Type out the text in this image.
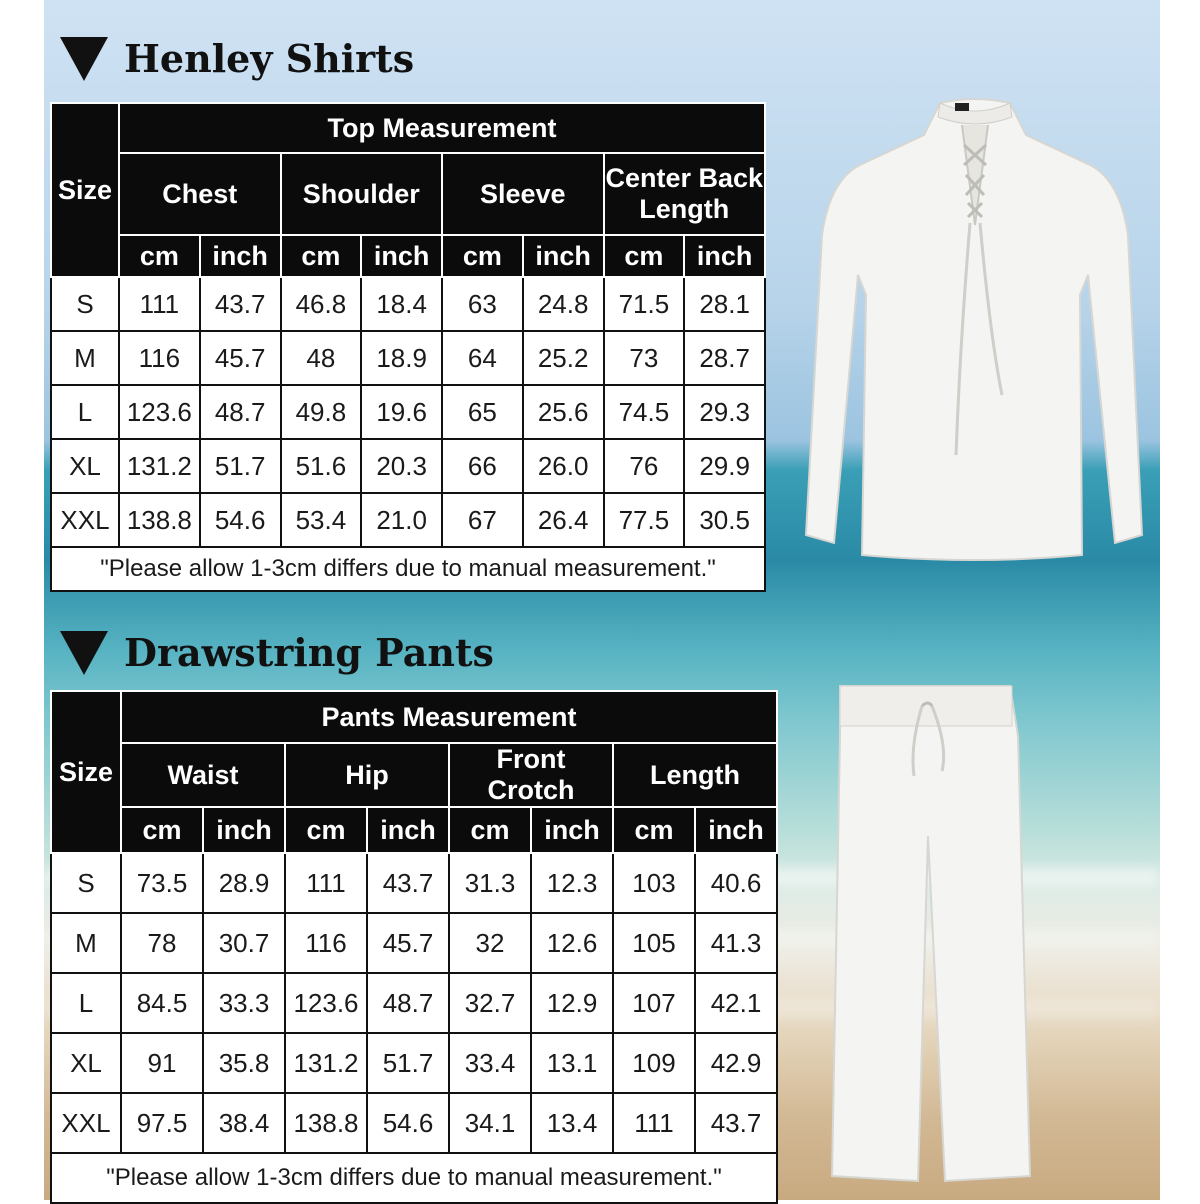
Henley Shirts
Size	Top Measurement							
	Chest		Shoulder		Sleeve		Center Back Length	
	cm	inch	cm	inch	cm	inch	cm	inch
S	111	43.7	46.8	18.4	63	24.8	71.5	28.1
M	116	45.7	48	18.9	64	25.2	73	28.7
L	123.6	48.7	49.8	19.6	65	25.6	74.5	29.3
XL	131.2	51.7	51.6	20.3	66	26.0	76	29.9
XXL	138.8	54.6	53.4	21.0	67	26.4	77.5	30.5
"Please allow 1-3cm differs due to manual measurement."								
Drawstring Pants
Size	Pants Measurement							
	Waist		Hip		Front Crotch		Length	
	cm	inch	cm	inch	cm	inch	cm	inch
S	73.5	28.9	111	43.7	31.3	12.3	103	40.6
M	78	30.7	116	45.7	32	12.6	105	41.3
L	84.5	33.3	123.6	48.7	32.7	12.9	107	42.1
XL	91	35.8	131.2	51.7	33.4	13.1	109	42.9
XXL	97.5	38.4	138.8	54.6	34.1	13.4	111	43.7
"Please allow 1-3cm differs due to manual measurement."								
